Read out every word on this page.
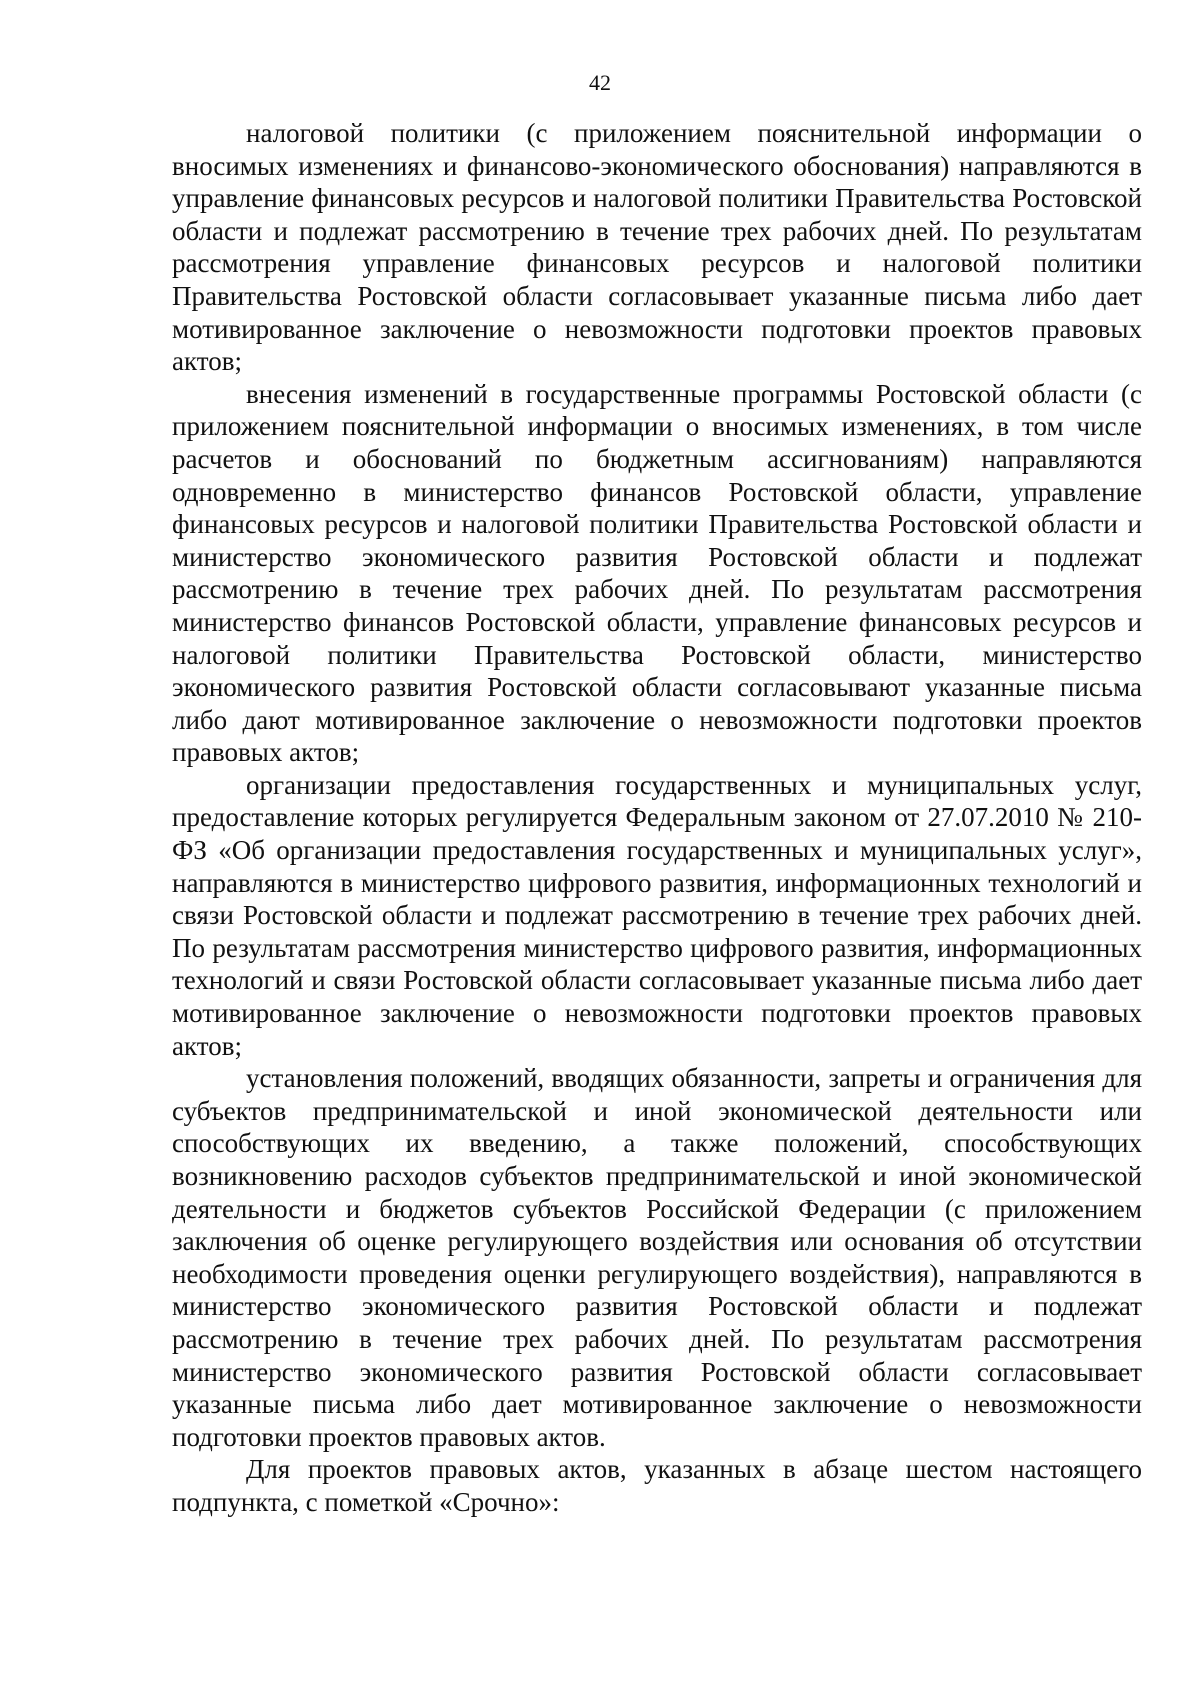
42

налоговой политики (с приложением пояснительной информации о вносимых изменениях и финансово-экономического обоснования) направляются в управление финансовых ресурсов и налоговой политики Правительства Ростовской области и подлежат рассмотрению в течение трех рабочих дней. По результатам рассмотрения управление финансовых ресурсов и налоговой политики Правительства Ростовской области согласовывает указанные письма либо дает мотивированное заключение о невозможности подготовки проектов правовых актов;

внесения изменений в государственные программы Ростовской области (с приложением пояснительной информации о вносимых изменениях, в том числе расчетов и обоснований по бюджетным ассигнованиям) направляются одновременно в министерство финансов Ростовской области, управление финансовых ресурсов и налоговой политики Правительства Ростовской области и министерство экономического развития Ростовской области и подлежат рассмотрению в течение трех рабочих дней. По результатам рассмотрения министерство финансов Ростовской области, управление финансовых ресурсов и налоговой политики Правительства Ростовской области, министерство экономического развития Ростовской области согласовывают указанные письма либо дают мотивированное заключение о невозможности подготовки проектов правовых актов;

организации предоставления государственных и муниципальных услуг, предоставление которых регулируется Федеральным законом от 27.07.2010 № 210-ФЗ «Об организации предоставления государственных и муниципальных услуг», направляются в министерство цифрового развития, информационных технологий и связи Ростовской области и подлежат рассмотрению в течение трех рабочих дней. По результатам рассмотрения министерство цифрового развития, информационных технологий и связи Ростовской области согласовывает указанные письма либо дает мотивированное заключение о невозможности подготовки проектов правовых актов;

установления положений, вводящих обязанности, запреты и ограничения для субъектов предпринимательской и иной экономической деятельности или способствующих их введению, а также положений, способствующих возникновению расходов субъектов предпринимательской и иной экономической деятельности и бюджетов субъектов Российской Федерации (с приложением заключения об оценке регулирующего воздействия или основания об отсутствии необходимости проведения оценки регулирующего воздействия), направляются в министерство экономического развития Ростовской области и подлежат рассмотрению в течение трех рабочих дней. По результатам рассмотрения министерство экономического развития Ростовской области согласовывает указанные письма либо дает мотивированное заключение о невозможности подготовки проектов правовых актов.

Для проектов правовых актов, указанных в абзаце шестом настоящего подпункта, с пометкой «Срочно»:
